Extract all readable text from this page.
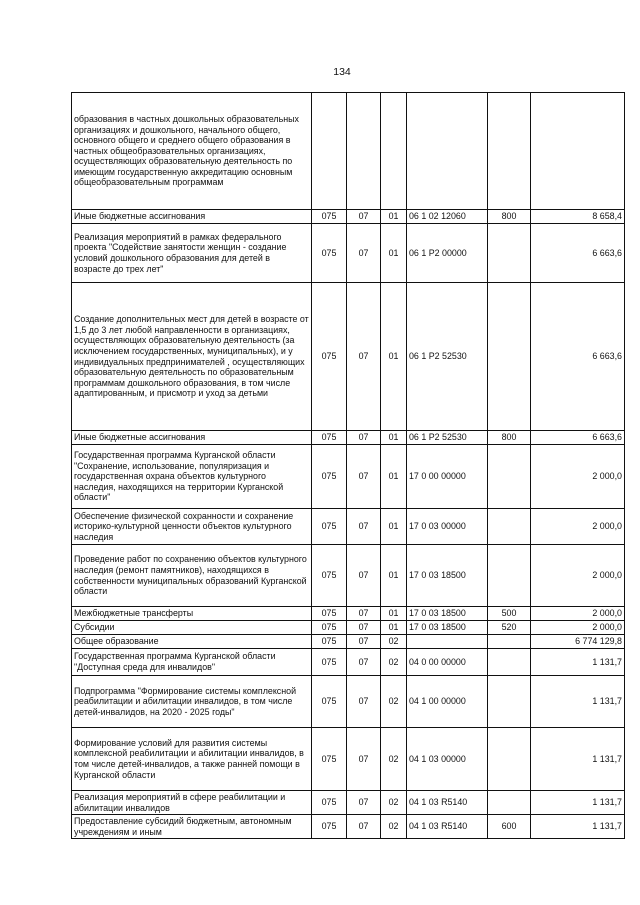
134
образования в частных дошкольных образовательных организациях и дошкольного, начального общего, основного общего и среднего общего образования в частных общеобразовательных организациях, осуществляющих образовательную деятельность по имеющим государственную аккредитацию основным общеобразовательным программам						
Иные бюджетные ассигнования	075	07	01	06 1 02 12060	800	8 658,4
Реализация мероприятий в рамках федерального проекта "Содействие занятости женщин - создание условий дошкольного образования для детей в возрасте до трех лет"	075	07	01	06 1 P2 00000		6 663,6
Создание дополнительных мест для детей в возрасте от 1,5 до 3 лет любой направленности в организациях, осуществляющих образовательную деятельность (за исключением государственных, муниципальных), и у индивидуальных предпринимателей , осуществляющих образовательную деятельность по образовательным программам дошкольного образования, в том числе адаптированным, и присмотр и уход за детьми	075	07	01	06 1 P2 52530		6 663,6
Иные бюджетные ассигнования	075	07	01	06 1 P2 52530	800	6 663,6
Государственная программа Курганской области "Сохранение, использование, популяризация и государственная охрана объектов культурного наследия, находящихся на территории Курганской области"	075	07	01	17 0 00 00000		2 000,0
Обеспечение физической сохранности и сохранение историко-культурной ценности объектов культурного наследия	075	07	01	17 0 03 00000		2 000,0
Проведение работ по сохранению объектов культурного наследия (ремонт памятников), находящихся в собственности муниципальных образований Курганской области	075	07	01	17 0 03 18500		2 000,0
Межбюджетные трансферты	075	07	01	17 0 03 18500	500	2 000,0
Субсидии	075	07	01	17 0 03 18500	520	2 000,0
Общее образование	075	07	02			6 774 129,8
Государственная программа Курганской области "Доступная среда для инвалидов"	075	07	02	04 0 00 00000		1 131,7
Подпрограмма "Формирование системы комплексной реабилитации и абилитации инвалидов, в том числе детей-инвалидов, на 2020 - 2025 годы"	075	07	02	04 1 00 00000		1 131,7
Формирование условий для развития системы комплексной реабилитации и абилитации инвалидов, в том числе детей-инвалидов, а также ранней помощи в Курганской области	075	07	02	04 1 03 00000		1 131,7
Реализация мероприятий в сфере реабилитации и абилитации инвалидов	075	07	02	04 1 03 R5140		1 131,7
Предоставление субсидий бюджетным, автономным учреждениям и иным	075	07	02	04 1 03 R5140	600	1 131,7
